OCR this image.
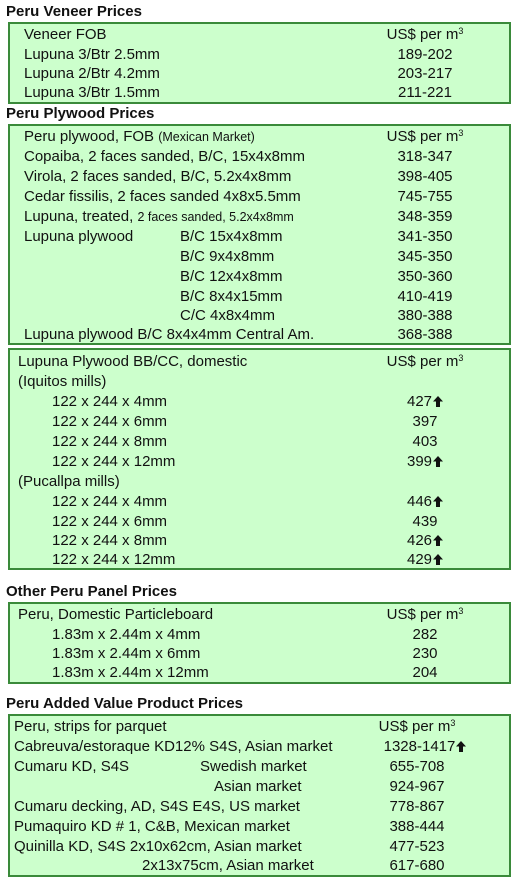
Peru Veneer Prices
Veneer FOB	US$ per $m^3$
Lupuna 3/Btr 2.5mm	189-202
Lupuna 2/Btr 4.2mm	203-217
Lupuna 3/Btr 1.5mm	211-221
Peru Plywood Prices
Peru plywood, FOB (Mexican Market)	US$ per $m^3$
Copaiba, 2 faces sanded, B/C, 15x4x8mm	318-347
Virola, 2 faces sanded, B/C, 5.2x4x8mm	398-405
Cedar fissilis, 2 faces sanded 4x8x5.5mm	745-755
Lupuna, treated, 2 faces sanded, 5.2x4x8mm	348-359
Lupuna plywood	B/C 15x4x8mm	341-350
B/C 9x4x8mm	345-350
B/C 12x4x8mm	350-360
B/C 8x4x15mm	410-419
C/C 4x8x4mm	380-388
Lupuna plywood B/C 8x4x4mm Central Am.	368-388
Lupuna Plywood BB/CC, domestic	US$ per $m^3$
(Iquitos mills)
122 x 244 x 4mm	427
122 x 244 x 6mm	397
122 x 244 x 8mm	403
122 x 244 x 12mm	399
(Pucallpa mills)
122 x 244 x 4mm	446
122 x 244 x 6mm	439
122 x 244 x 8mm	426
122 x 244 x 12mm	429
Other Peru Panel Prices
Peru, Domestic Particleboard	US$ per $m^3$
1.83m x 2.44m x 4mm	282
1.83m x 2.44m x 6mm	230
1.83m x 2.44m x 12mm	204
Peru Added Value Product Prices
Peru, strips for parquet	US$ per $m^3$
Cabreuva/estoraque KD12% S4S, Asian market	1328-1417
Cumaru KD, S4S	Swedish market	655-708
Asian market	924-967
Cumaru decking, AD, S4S E4S, US market	778-867
Pumaquiro KD # 1, C&B, Mexican market	388-444
Quinilla KD, S4S 2x10x62cm, Asian market	477-523
2x13x75cm, Asian market	617-680
